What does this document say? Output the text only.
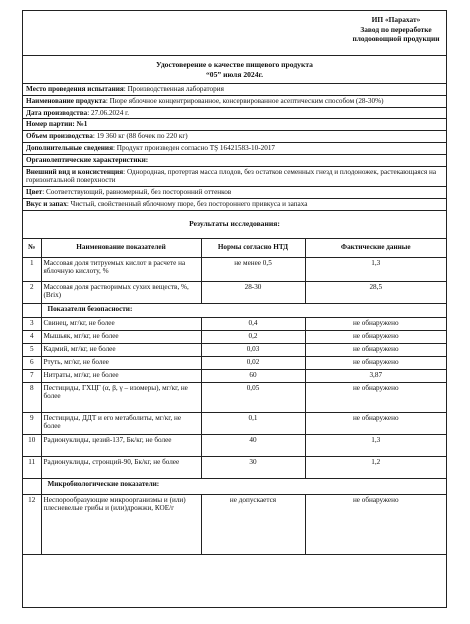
ИП «Парахат»
Завод по переработке
плодоовощной продукции
Удостоверение о качестве пищевого продукта
“05” июля 2024г.
Место проведения испытания: Производственная лаборатория
Наименование продукта: Пюре яблочное концентрированное, консервированное асептическим способом (28-30%)
Дата производства: 27.06.2024 г.
Номер партии: №1
Объем производства: 19 360 кг (88 бочек по 220 кг)
Дополнительные сведения: Продукт произведен согласно TŞ 16421583-10-2017
Органолептические характеристики:
Внешний вид и консистенция: Однородная, протертая масса плодов, без остатков семенных гнезд и плодоножек, растекающаяся на горизонтальной поверхности
Цвет: Соответствующий, равномерный, без посторонний оттенков
Вкус и запах: Чистый, свойственный яблочному пюре, без постороннего привкуса и запаха
Результаты исследования:
№	Наименование показателей	Нормы согласно НТД	Фактические данные
1	Массовая доля титруемых кислот в расчете на яблочную кислоту, %	не менее 0,5	1,3
2	Массовая доля растворимых сухих веществ, %, (Brix)	28-30	28,5
	Показатели безопасности:		
3	Свинец, мг/кг, не более	0,4	не обнаружено
4	Мышьяк, мг/кг, не более	0,2	не обнаружено
5	Кадмий, мг/кг, не более	0,03	не обнаружено
6	Ртуть, мг/кг, не более	0,02	не обнаружено
7	Нитраты, мг/кг, не более	60	3,87
8	Пестициды, ГХЦГ (α, β, γ – изомеры), мг/кг, не более	0,05	не обнаружено
9	Пестициды, ДДТ и его метаболиты, мг/кг, не более	0,1	не обнаружено
10	Радионуклиды, цезий-137, Бк/кг, не более	40	1,3
11	Радионуклиды, стронций-90, Бк/кг, не более	30	1,2
	Микробиологические показатели:		
12	Неспорообразующие микроорганизмы и (или) плесневелые грибы и (или)дрожжи, КОЕ/г	не допускается	не обнаружено
